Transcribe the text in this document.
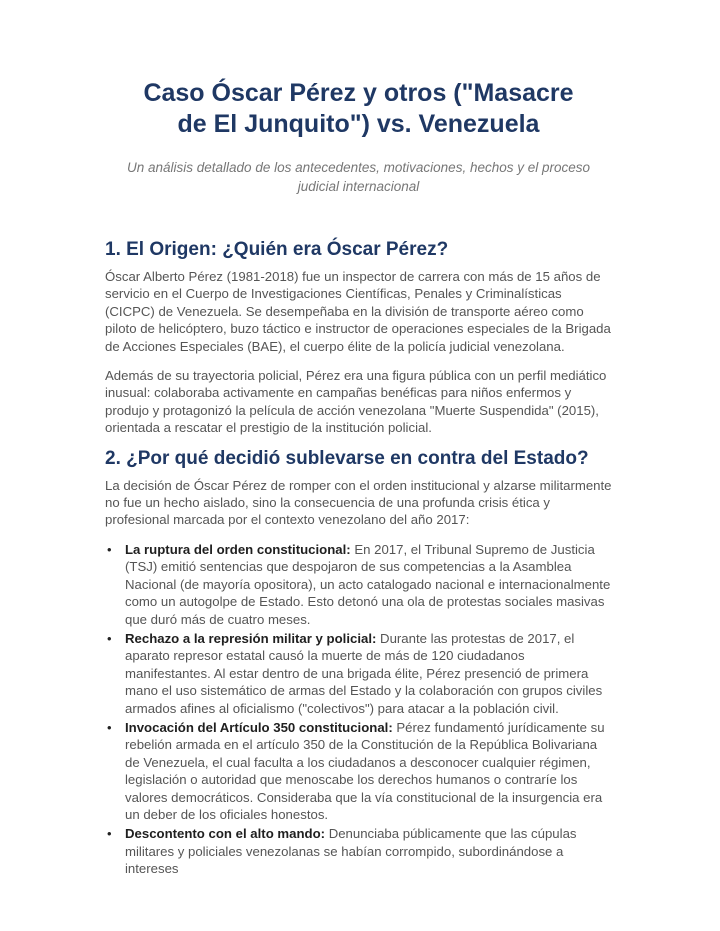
Caso Óscar Pérez y otros ("Masacre de El Junquito") vs. Venezuela
Un análisis detallado de los antecedentes, motivaciones, hechos y el proceso judicial internacional
1. El Origen: ¿Quién era Óscar Pérez?

Óscar Alberto Pérez (1981-2018) fue un inspector de carrera con más de 15 años de servicio en el Cuerpo de Investigaciones Científicas, Penales y Criminalísticas (CICPC) de Venezuela. Se desempeñaba en la división de transporte aéreo como piloto de helicóptero, buzo táctico e instructor de operaciones especiales de la Brigada de Acciones Especiales (BAE), el cuerpo élite de la policía judicial venezolana.

Además de su trayectoria policial, Pérez era una figura pública con un perfil mediático inusual: colaboraba activamente en campañas benéficas para niños enfermos y produjo y protagonizó la película de acción venezolana "Muerte Suspendida" (2015), orientada a rescatar el prestigio de la institución policial.

2. ¿Por qué decidió sublevarse en contra del Estado?

La decisión de Óscar Pérez de romper con el orden institucional y alzarse militarmente no fue un hecho aislado, sino la consecuencia de una profunda crisis ética y profesional marcada por el contexto venezolano del año 2017:

• La ruptura del orden constitucional: En 2017, el Tribunal Supremo de Justicia (TSJ) emitió sentencias que despojaron de sus competencias a la Asamblea Nacional (de mayoría opositora), un acto catalogado nacional e internacionalmente como un autogolpe de Estado. Esto detonó una ola de protestas sociales masivas que duró más de cuatro meses.
• Rechazo a la represión militar y policial: Durante las protestas de 2017, el aparato represor estatal causó la muerte de más de 120 ciudadanos manifestantes. Al estar dentro de una brigada élite, Pérez presenció de primera mano el uso sistemático de armas del Estado y la colaboración con grupos civiles armados afines al oficialismo ("colectivos") para atacar a la población civil.
• Invocación del Artículo 350 constitucional: Pérez fundamentó jurídicamente su rebelión armada en el artículo 350 de la Constitución de la República Bolivariana de Venezuela, el cual faculta a los ciudadanos a desconocer cualquier régimen, legislación o autoridad que menoscabe los derechos humanos o contraríe los valores democráticos. Consideraba que la vía constitucional de la insurgencia era un deber de los oficiales honestos.
• Descontento con el alto mando: Denunciaba públicamente que las cúpulas militares y policiales venezolanas se habían corrompido, subordinándose a intereses
